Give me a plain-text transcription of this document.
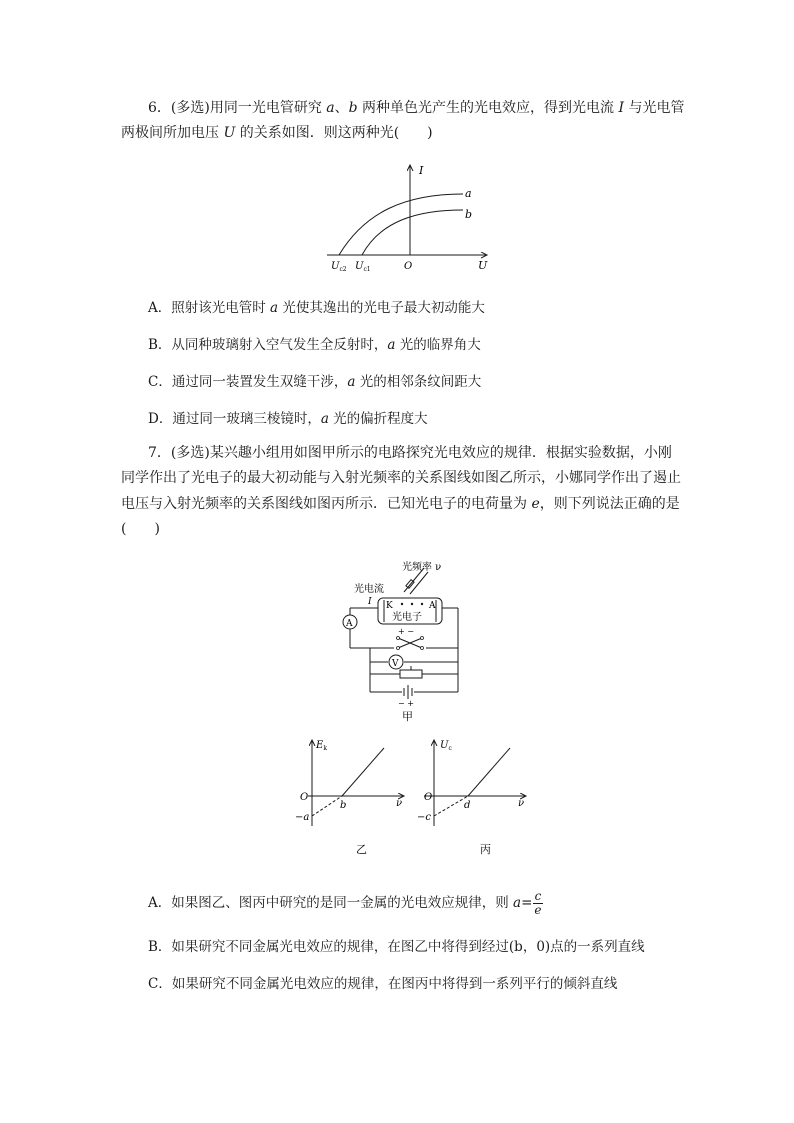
6．(多选)用同一光电管研究 a、b 两种单色光产生的光电效应，得到光电流 I 与光电管
两极间所加电压 U 的关系如图．则这两种光(　　)
I
a
b
O	U
$U_{c2}$ $U_{c1}$
A．照射该光电管时 a 光使其逸出的光电子最大初动能大
B．从同种玻璃射入空气发生全反射时，a 光的临界角大
C．通过同一装置发生双缝干涉，a 光的相邻条纹间距大
D．通过同一玻璃三棱镜时，a 光的偏折程度大
7．(多选)某兴趣小组用如图甲所示的电路探究光电效应的规律．根据实验数据，小刚
同学作出了光电子的最大初动能与入射光频率的关系图线如图乙所示，小娜同学作出了遏止
电压与入射光频率的关系图线如图丙所示．已知光电子的电荷量为 e，则下列说法正确的是
(　　)
光频率 ν
光电流
I K	A
光电子
A
+ −
V
− +
甲
$E_k$
O
b
−a
ν
乙
$U_c$
O
d
−c
ν
丙
A．如果图乙、图丙中研究的是同一金属的光电效应规律，则 $a= \frac{c}{e}$
B．如果研究不同金属光电效应的规律，在图乙中将得到经过(b，0)点的一系列直线
C．如果研究不同金属光电效应的规律，在图丙中将得到一系列平行的倾斜直线
